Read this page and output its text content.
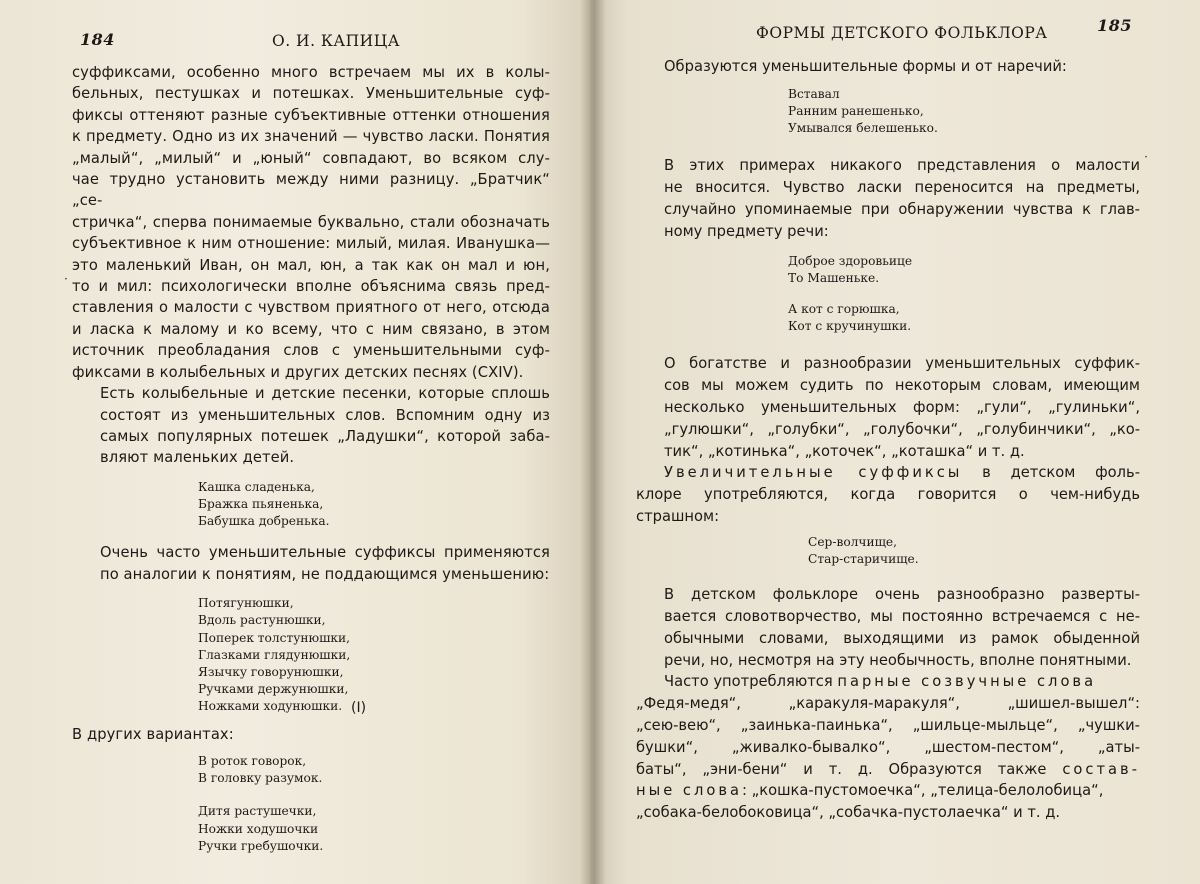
184	О. И. КАПИЦА
суффиксами, особенно много встречаем мы их в колы-
бельных, пестушках и потешках. Уменьшительные суф-
фиксы оттеняют разные субъективные оттенки отношения
к предмету. Одно из их значений — чувство ласки. Понятия
„малый“, „милый“ и „юный“ совпадают, во всяком слу-
чае трудно установить между ними разницу. „Братчик“ „се-
стричка“, сперва понимаемые буквально, стали обозначать
субъективное к ним отношение: милый, милая. Иванушка—
это маленький Иван, он мал, юн, а так как он мал и юн,
то и мил: психологически вполне объяснима связь пред-
ставления о малости с чувством приятного от него, отсюда
и ласка к малому и ко всему, что с ним связано, в этом
источник преобладания слов с уменьшительными суф-
фиксами в колыбельных и других детских песнях (CXIV).
Есть колыбельные и детские песенки, которые сплошь
состоят из уменьшительных слов. Вспомним одну из
самых популярных потешек „Ладушки“, которой заба-
вляют маленьких детей.
Кашка сладенька,
Бражка пьяненька,
Бабушка добренька.
Очень часто уменьшительные суффиксы применяются
по аналогии к понятиям, не поддающимся уменьшению:
Потягунюшки,
Вдоль растунюшки,
Поперек толстунюшки,
Глазками глядунюшки,
Язычку говорунюшки,
Ручками держунюшки,
Ножками ходунюшки. (I)
В других вариантах:
В роток говорок,
В головку разумок.
Дитя растушечки,
Ножки ходушочки
Ручки гребушочки.
·
ФОРМЫ ДЕТСКОГО ФОЛЬКЛОРА	185
Образуются уменьшительные формы и от наречий:
Вставал
Ранним ранешенько,
Умывался белешенько.
В этих примерах никакого представления о малости
не вносится. Чувство ласки переносится на предметы,
случайно упоминаемые при обнаружении чувства к глав-
ному предмету речи:
Доброе здоровьице
То Машеньке.
А кот с горюшка,
Кот с кручинушки.
О богатстве и разнообразии уменьшительных суффик-
сов мы можем судить по некоторым словам, имеющим
несколько уменьшительных форм: „гули“, „гулиньки“,
„гулюшки“, „голубки“, „голубочки“, „голубинчики“, „ко-
тик“, „котинька“, „коточек“, „коташка“ и т. д.
Увеличительные суффиксы в детском фоль-
клоре употребляются, когда говорится о чем-нибудь
страшном:
Сер-волчище,
Стар-старичище.
В детском фольклоре очень разнообразно разверты-
вается словотворчество, мы постоянно встречаемся с не-
обычными словами, выходящими из рамок обыденной
речи, но, несмотря на эту необычность, вполне понятными.
Часто употребляются парные созвучные слова
„Федя-медя“, „каракуля-маракуля“, „шишел-вышел“:
„сею-вею“, „заинька-паинька“, „шильце-мыльце“, „чушки-
бушки“, „живалко-бывалко“, „шестом-пестом“, „аты-
баты“, „эни-бени“ и т. д. Образуются также состав-
ные слова: „кошка-пустомоечка“, „телица-белолобица“,
„собака-белобоковица“, „собачка-пустолаечка“ и т. д.
·
